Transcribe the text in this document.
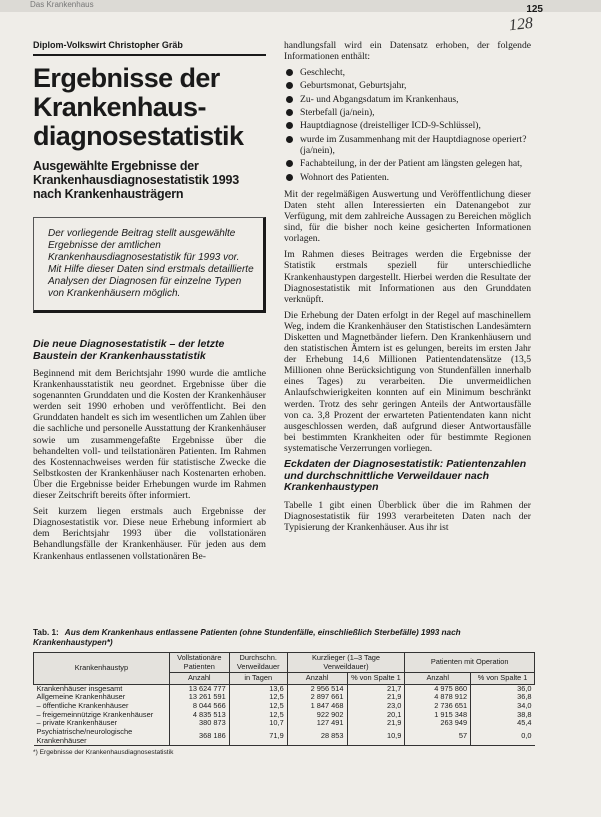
Das Krankenhaus	125
128

Diplom-Volkswirt Christopher Gräb

Ergebnisse der Krankenhaus-diagnosestatistik
Ausgewählte Ergebnisse der Krankenhausdiagnosestatistik 1993 nach Krankenhausträgern
Der vorliegende Beitrag stellt ausgewählte Ergebnisse der amtlichen Krankenhausdiagnosestatistik für 1993 vor. Mit Hilfe dieser Daten sind erstmals detaillierte Analysen der Diagnosen für einzelne Typen von Krankenhäusern möglich.
Die neue Diagnosestatistik – der letzte Baustein der Krankenhausstatistik

Beginnend mit dem Berichtsjahr 1990 wurde die amtliche Krankenhausstatistik neu geordnet. Ergebnisse über die sogenannten Grunddaten und die Kosten der Krankenhäuser werden seit 1990 erhoben und veröffentlicht. Bei den Grunddaten handelt es sich im wesentlichen um Zahlen über die sachliche und personelle Ausstattung der Krankenhäuser sowie um zusammengefaßte Ergebnisse über die behandelten voll- und teilstationären Patienten. Im Rahmen des Kostennachweises werden für statistische Zwecke die Selbstkosten der Krankenhäuser nach Kostenarten erhoben. Über die Ergebnisse beider Erhebungen wurde im Rahmen dieser Zeitschrift bereits öfter informiert.

Seit kurzem liegen erstmals auch Ergebnisse der Diagnosestatistik vor. Diese neue Erhebung informiert ab dem Berichtsjahr 1993 über die vollstationären Behandlungsfälle der Krankenhäuser. Für jeden aus dem Krankenhaus entlassenen vollstationären Be-

handlungsfall wird ein Datensatz erhoben, der folgende Informationen enthält:

Geschlecht,
Geburtsmonat, Geburtsjahr,
Zu- und Abgangsdatum im Krankenhaus,
Sterbefall (ja/nein),
Hauptdiagnose (dreistelliger ICD-9-Schlüssel),
wurde im Zusammenhang mit der Hauptdiagnose operiert? (ja/nein),
Fachabteilung, in der der Patient am längsten gelegen hat,
Wohnort des Patienten.

Mit der regelmäßigen Auswertung und Veröffentlichung dieser Daten steht allen Interessierten ein Datenangebot zur Verfügung, mit dem zahlreiche Aussagen zu Bereichen möglich sind, für die bisher noch keine gesicherten Informationen vorlagen.

Im Rahmen dieses Beitrages werden die Ergebnisse der Statistik erstmals speziell für unterschiedliche Krankenhaustypen dargestellt. Hierbei werden die Resultate der Diagnosestatistik mit Informationen aus den Grunddaten verknüpft.

Die Erhebung der Daten erfolgt in der Regel auf maschinellem Weg, indem die Krankenhäuser den Statistischen Landesämtern Disketten und Magnetbänder liefern. Den Krankenhäusern und den statistischen Ämtern ist es gelungen, bereits im ersten Jahr der Erhebung 14,6 Millionen Patientendatensätze (13,5 Millionen ohne Berücksichtigung von Stundenfällen innerhalb eines Tages) zu verarbeiten. Die unvermeidlichen Anlaufschwierigkeiten konnten auf ein Minimum beschränkt werden. Trotz des sehr geringen Anteils der Antwortausfälle von ca. 3,8 Prozent der erwarteten Patientendaten kann nicht ausgeschlossen werden, daß aufgrund dieser Antwortausfälle bei bestimmten Krankheiten oder für bestimmte Regionen systematische Verzerrungen vorliegen.

Eckdaten der Diagnosestatistik: Patientenzahlen und durchschnittliche Verweildauer nach Krankenhaustypen

Tabelle 1 gibt einen Überblick über die im Rahmen der Diagnosestatistik für 1993 verarbeiteten Daten nach der Typisierung der Krankenhäuser. Aus ihr ist

Tab. 1: Aus dem Krankenhaus entlassene Patienten (ohne Stundenfälle, einschließlich Sterbefälle) 1993 nach Krankenhaustypen*)

Krankenhaustyp	Vollstationäre Patienten	Durchschn. Verweildauer	Kurzlieger (1–3 Tage Verweildauer)		Patienten mit Operation	
	Anzahl	in Tagen	Anzahl	% von Spalte 1	Anzahl	% von Spalte 1
Krankenhäuser insgesamt	13 624 777	13,6	2 956 514	21,7	4 975 860	36,0
Allgemeine Krankenhäuser	13 261 591	12,5	2 897 661	21,9	4 878 912	36,8
– öffentliche Krankenhäuser	8 044 566	12,5	1 847 468	23,0	2 736 651	34,0
– freigemeinnützige Krankenhäuser	4 835 513	12,5	922 902	20,1	1 915 348	38,8
– private Krankenhäuser	380 873	10,7	127 491	21,9	263 949	45,4
Psychiatrische/neurologische Krankenhäuser	368 186	71,9	28 853	10,9	57	0,0
*) Ergebnisse der Krankenhausdiagnosestatistik
